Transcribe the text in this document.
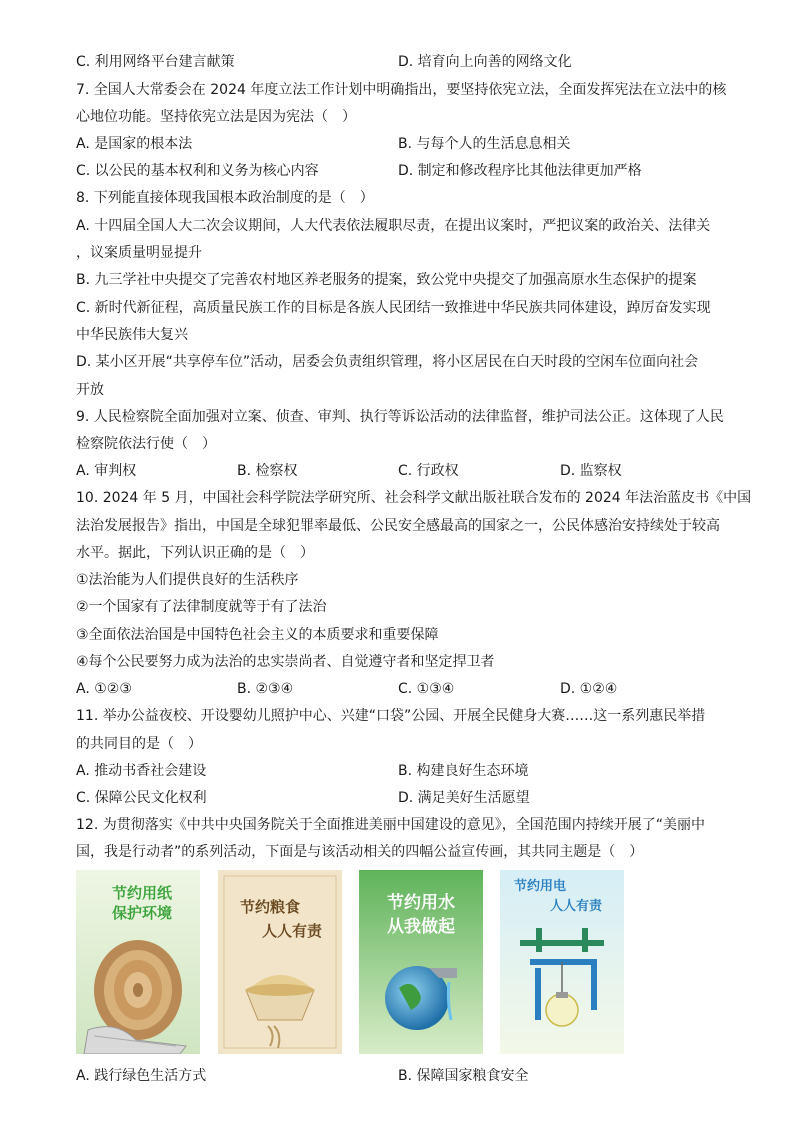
C. 利用网络平台建言献策	D. 培育向上向善的网络文化
7. 全国人大常委会在 2024 年度立法工作计划中明确指出，要坚持依宪立法，全面发挥宪法在立法中的核
心地位功能。坚持依宪立法是因为宪法（　）
A. 是国家的根本法	B. 与每个人的生活息息相关
C. 以公民的基本权利和义务为核心内容	D. 制定和修改程序比其他法律更加严格
8. 下列能直接体现我国根本政治制度的是（　）
A. 十四届全国人大二次会议期间，人大代表依法履职尽责，在提出议案时，严把议案的政治关、法律关
，议案质量明显提升
B. 九三学社中央提交了完善农村地区养老服务的提案，致公党中央提交了加强高原水生态保护的提案
C. 新时代新征程，高质量民族工作的目标是各族人民团结一致推进中华民族共同体建设，踔厉奋发实现
中华民族伟大复兴
D. 某小区开展“共享停车位”活动，居委会负责组织管理，将小区居民在白天时段的空闲车位面向社会
开放
9. 人民检察院全面加强对立案、侦查、审判、执行等诉讼活动的法律监督，维护司法公正。这体现了人民
检察院依法行使（　）
A. 审判权	B. 检察权	C. 行政权	D. 监察权
10. 2024 年 5 月，中国社会科学院法学研究所、社会科学文献出版社联合发布的 2024 年法治蓝皮书《中国
法治发展报告》指出，中国是全球犯罪率最低、公民安全感最高的国家之一，公民体感治安持续处于较高
水平。据此，下列认识正确的是（　）
①法治能为人们提供良好的生活秩序
②一个国家有了法律制度就等于有了法治
③全面依法治国是中国特色社会主义的本质要求和重要保障
④每个公民要努力成为法治的忠实崇尚者、自觉遵守者和坚定捍卫者
A. ①②③	B. ②③④	C. ①③④	D. ①②④
11. 举办公益夜校、开设婴幼儿照护中心、兴建“口袋”公园、开展全民健身大赛……这一系列惠民举措
的共同目的是（　）
A. 推动书香社会建设	B. 构建良好生态环境
C. 保障公民文化权利	D. 满足美好生活愿望
12. 为贯彻落实《中共中央国务院关于全面推进美丽中国建设的意见》，全国范围内持续开展了“美丽中
国，我是行动者”的系列活动，下面是与该活动相关的四幅公益宣传画，其共同主题是（　）
节约用纸
保护环境	节约粮食
人人有责
节约用水
从我做起
节约用电
人人有责
A. 践行绿色生活方式	B. 保障国家粮食安全
